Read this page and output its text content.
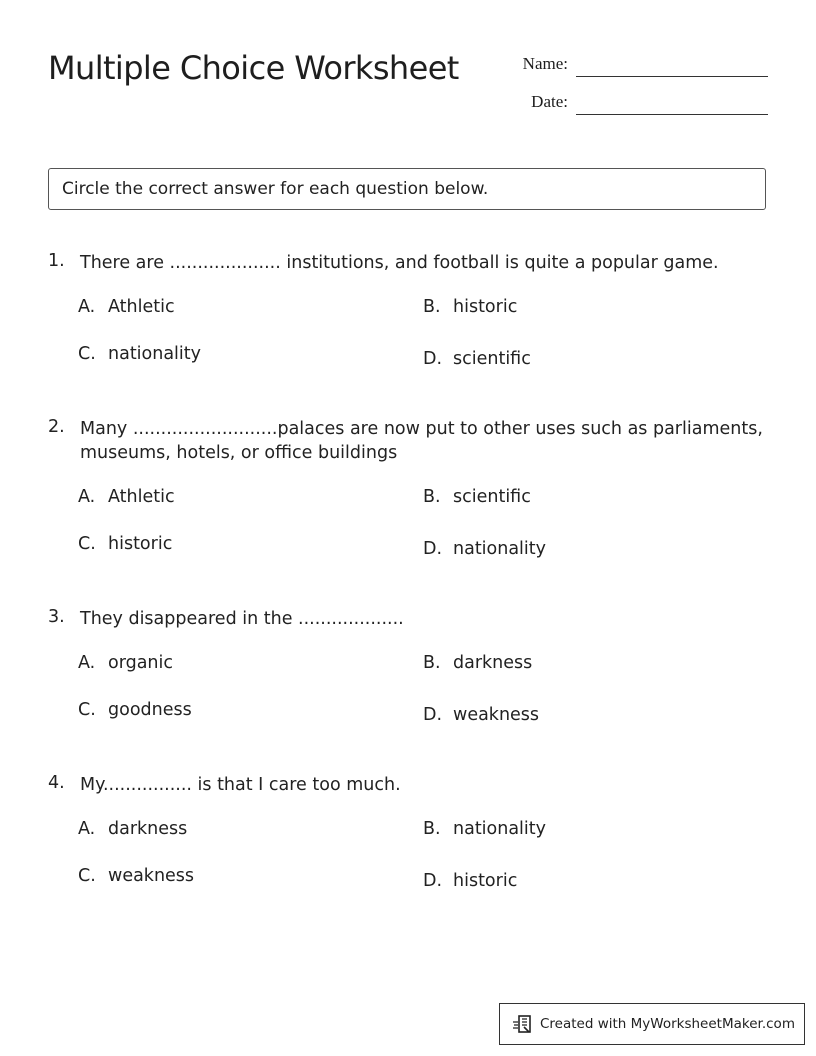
Multiple Choice Worksheet	Name:
Date:
Circle the correct answer for each question below.
1. There are .................... institutions, and football is quite a popular game.
A. Athletic	B. historic
C. nationality	D. scientific
2. Many ..........................palaces are now put to other uses such as parliaments, museums, hotels, or office buildings
A. Athletic	B. scientific
C. historic	D. nationality
3. They disappeared in the ...................
A. organic	B. darkness
C. goodness	D. weakness
4. My................ is that I care too much.
A. darkness	B. nationality
C. weakness	D. historic
Created with MyWorksheetMaker.com
